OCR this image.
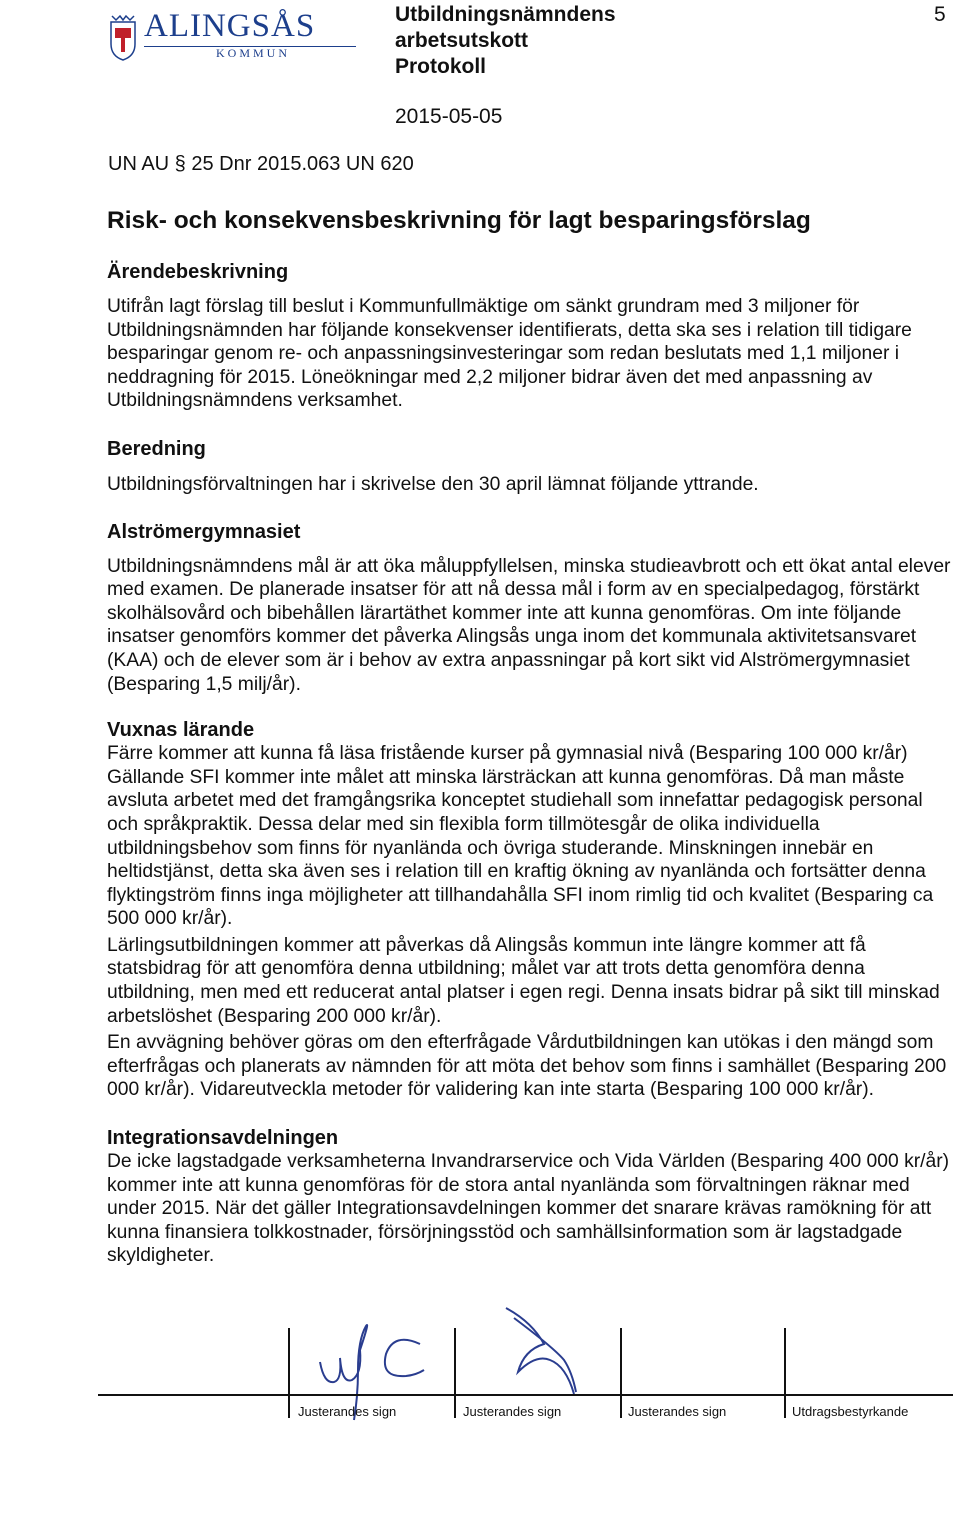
ALINGSÅS
KOMMUN
Utbildningsnämndens
arbetsutskott
Protokoll
2015-05-05
5
UN AU § 25 Dnr 2015.063 UN 620
Risk- och konsekvensbeskrivning för lagt besparingsförslag
Ärendebeskrivning

Utifrån lagt förslag till beslut i Kommunfullmäktige om sänkt grundram med 3 miljoner för Utbildningsnämnden har följande konsekvenser identifierats, detta ska ses i relation till tidigare besparingar genom re- och anpassningsinvesteringar som redan beslutats med 1,1 miljoner i neddragning för 2015. Löneökningar med 2,2 miljoner bidrar även det med anpassning av Utbildningsnämndens verksamhet.

Beredning

Utbildningsförvaltningen har i skrivelse den 30 april lämnat följande yttrande.

Alströmergymnasiet

Utbildningsnämndens mål är att öka måluppfyllelsen, minska studieavbrott och ett ökat antal elever med examen. De planerade insatser för att nå dessa mål i form av en specialpedagog, förstärkt skolhälsovård och bibehållen lärartäthet kommer inte att kunna genomföras. Om inte följande insatser genomförs kommer det påverka Alingsås unga inom det kommunala aktivitetsansvaret (KAA) och de elever som är i behov av extra anpassningar på kort sikt vid Alströmergymnasiet (Besparing 1,5 milj/år).

Vuxnas lärande

Färre kommer att kunna få läsa fristående kurser på gymnasial nivå (Besparing 100 000 kr/år) Gällande SFI kommer inte målet att minska lärsträckan att kunna genomföras. Då man måste avsluta arbetet med det framgångsrika konceptet studiehall som innefattar pedagogisk personal och språkpraktik. Dessa delar med sin flexibla form tillmötesgår de olika individuella utbildningsbehov som finns för nyanlända och övriga studerande. Minskningen innebär en heltidstjänst, detta ska även ses i relation till en kraftig ökning av nyanlända och fortsätter denna flyktingström finns inga möjligheter att tillhandahålla SFI inom rimlig tid och kvalitet (Besparing ca 500 000 kr/år).

Lärlingsutbildningen kommer att påverkas då Alingsås kommun inte längre kommer att få statsbidrag för att genomföra denna utbildning; målet var att trots detta genomföra denna utbildning, men med ett reducerat antal platser i egen regi. Denna insats bidrar på sikt till minskad arbetslöshet (Besparing 200 000 kr/år).

En avvägning behöver göras om den efterfrågade Vårdutbildningen kan utökas i den mängd som efterfrågas och planerats av nämnden för att möta det behov som finns i samhället (Besparing 200 000 kr/år). Vidareutveckla metoder för validering kan inte starta (Besparing 100 000 kr/år).

Integrationsavdelningen

De icke lagstadgade verksamheterna Invandrarservice och Vida Världen (Besparing 400 000 kr/år) kommer inte att kunna genomföras för de stora antal nyanlända som förvaltningen räknar med under 2015. När det gäller Integrationsavdelningen kommer det snarare krävas ramökning för att kunna finansiera tolkkostnader, försörjningsstöd och samhällsinformation som är lagstadgade skyldigheter.

Justerandes sign	Justerandes sign	Justerandes sign	Utdragsbestyrkande
